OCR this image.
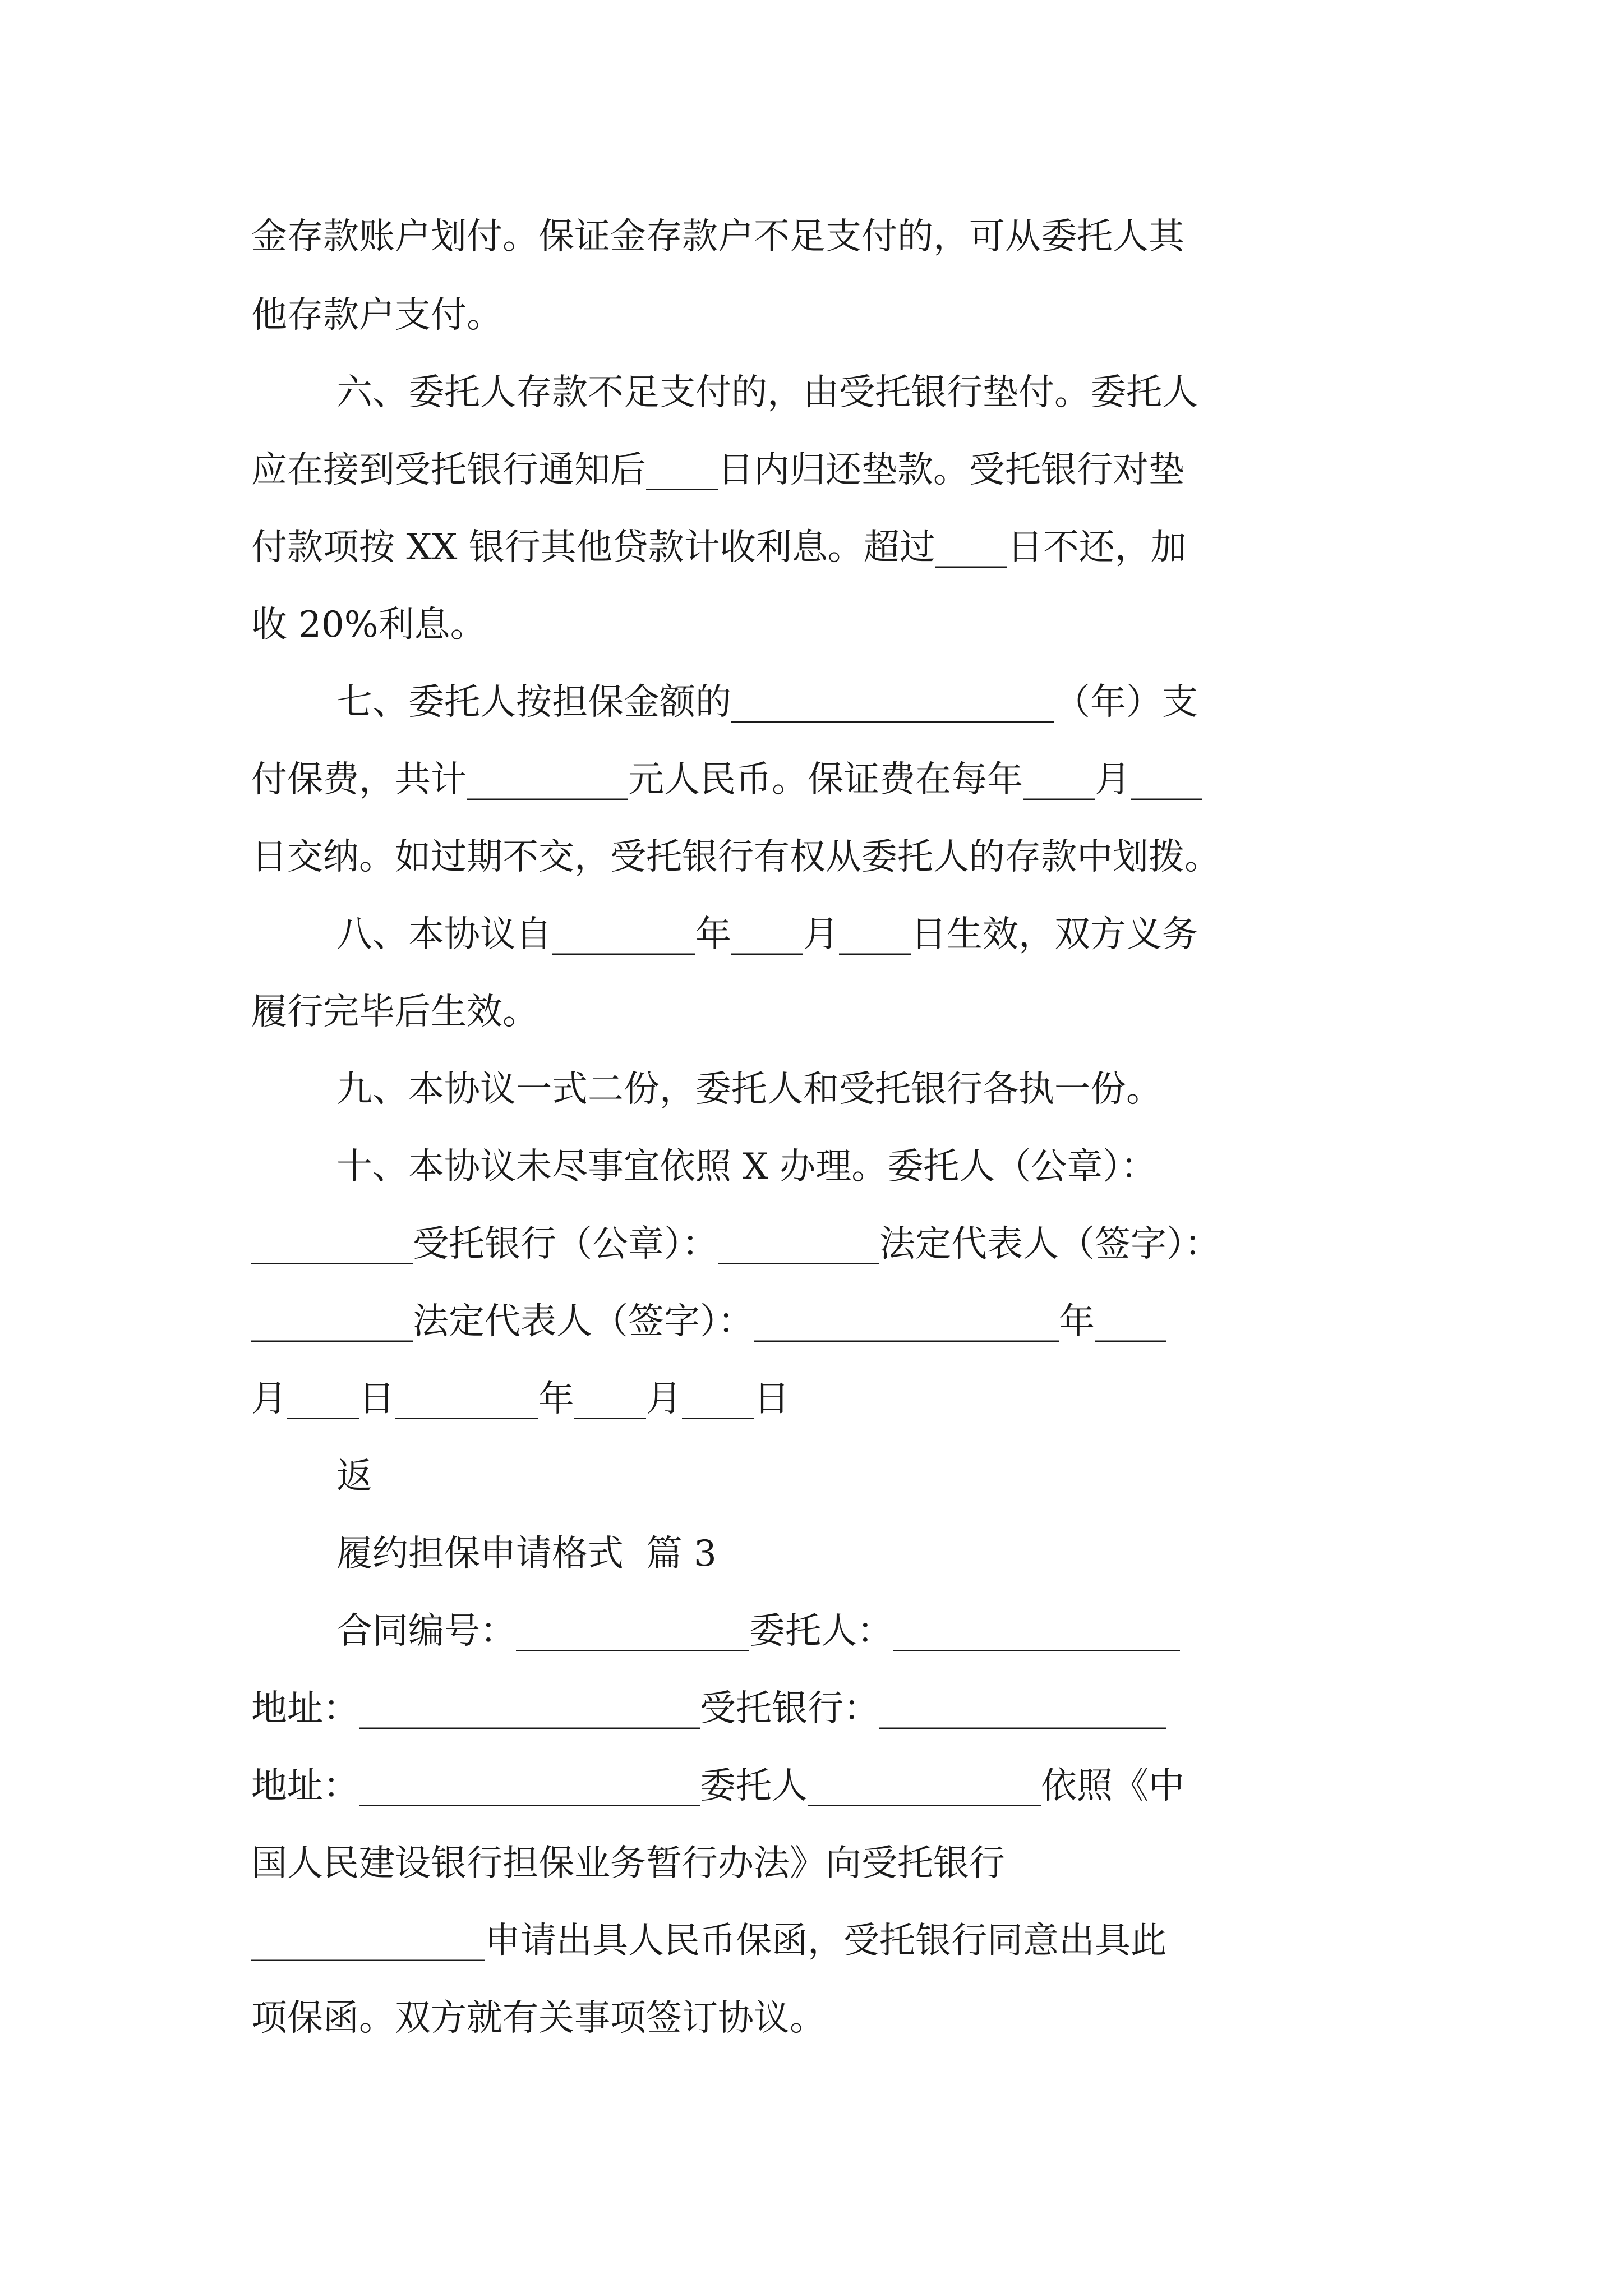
金存款账户划付。保证金存款户不足支付的，可从委托人其

他存款户支付。

六、委托人存款不足支付的，由受托银行垫付。委托人

应在接到受托银行通知后____日内归还垫款。受托银行对垫

付款项按 XX 银行其他贷款计收利息。超过____日不还，加

收 20%利息。

七、委托人按担保金额的__________________（年）支

付保费，共计_________元人民币。保证费在每年____月____

日交纳。如过期不交，受托银行有权从委托人的存款中划拨。

八、本协议自________年____月____日生效，双方义务

履行完毕后生效。

九、本协议一式二份，委托人和受托银行各执一份。

十、本协议未尽事宜依照 X 办理。委托人（公章）：

_________受托银行（公章）：_________法定代表人（签字）：

_________法定代表人（签字）：_________________年____

月____日________年____月____日

返

履约担保申请格式  篇 3

合同编号：_____________委托人：________________

地址：___________________受托银行：________________

地址：___________________委托人_____________依照《中

国人民建设银行担保业务暂行办法》向受托银行

_____________申请出具人民币保函，受托银行同意出具此

项保函。双方就有关事项签订协议。
